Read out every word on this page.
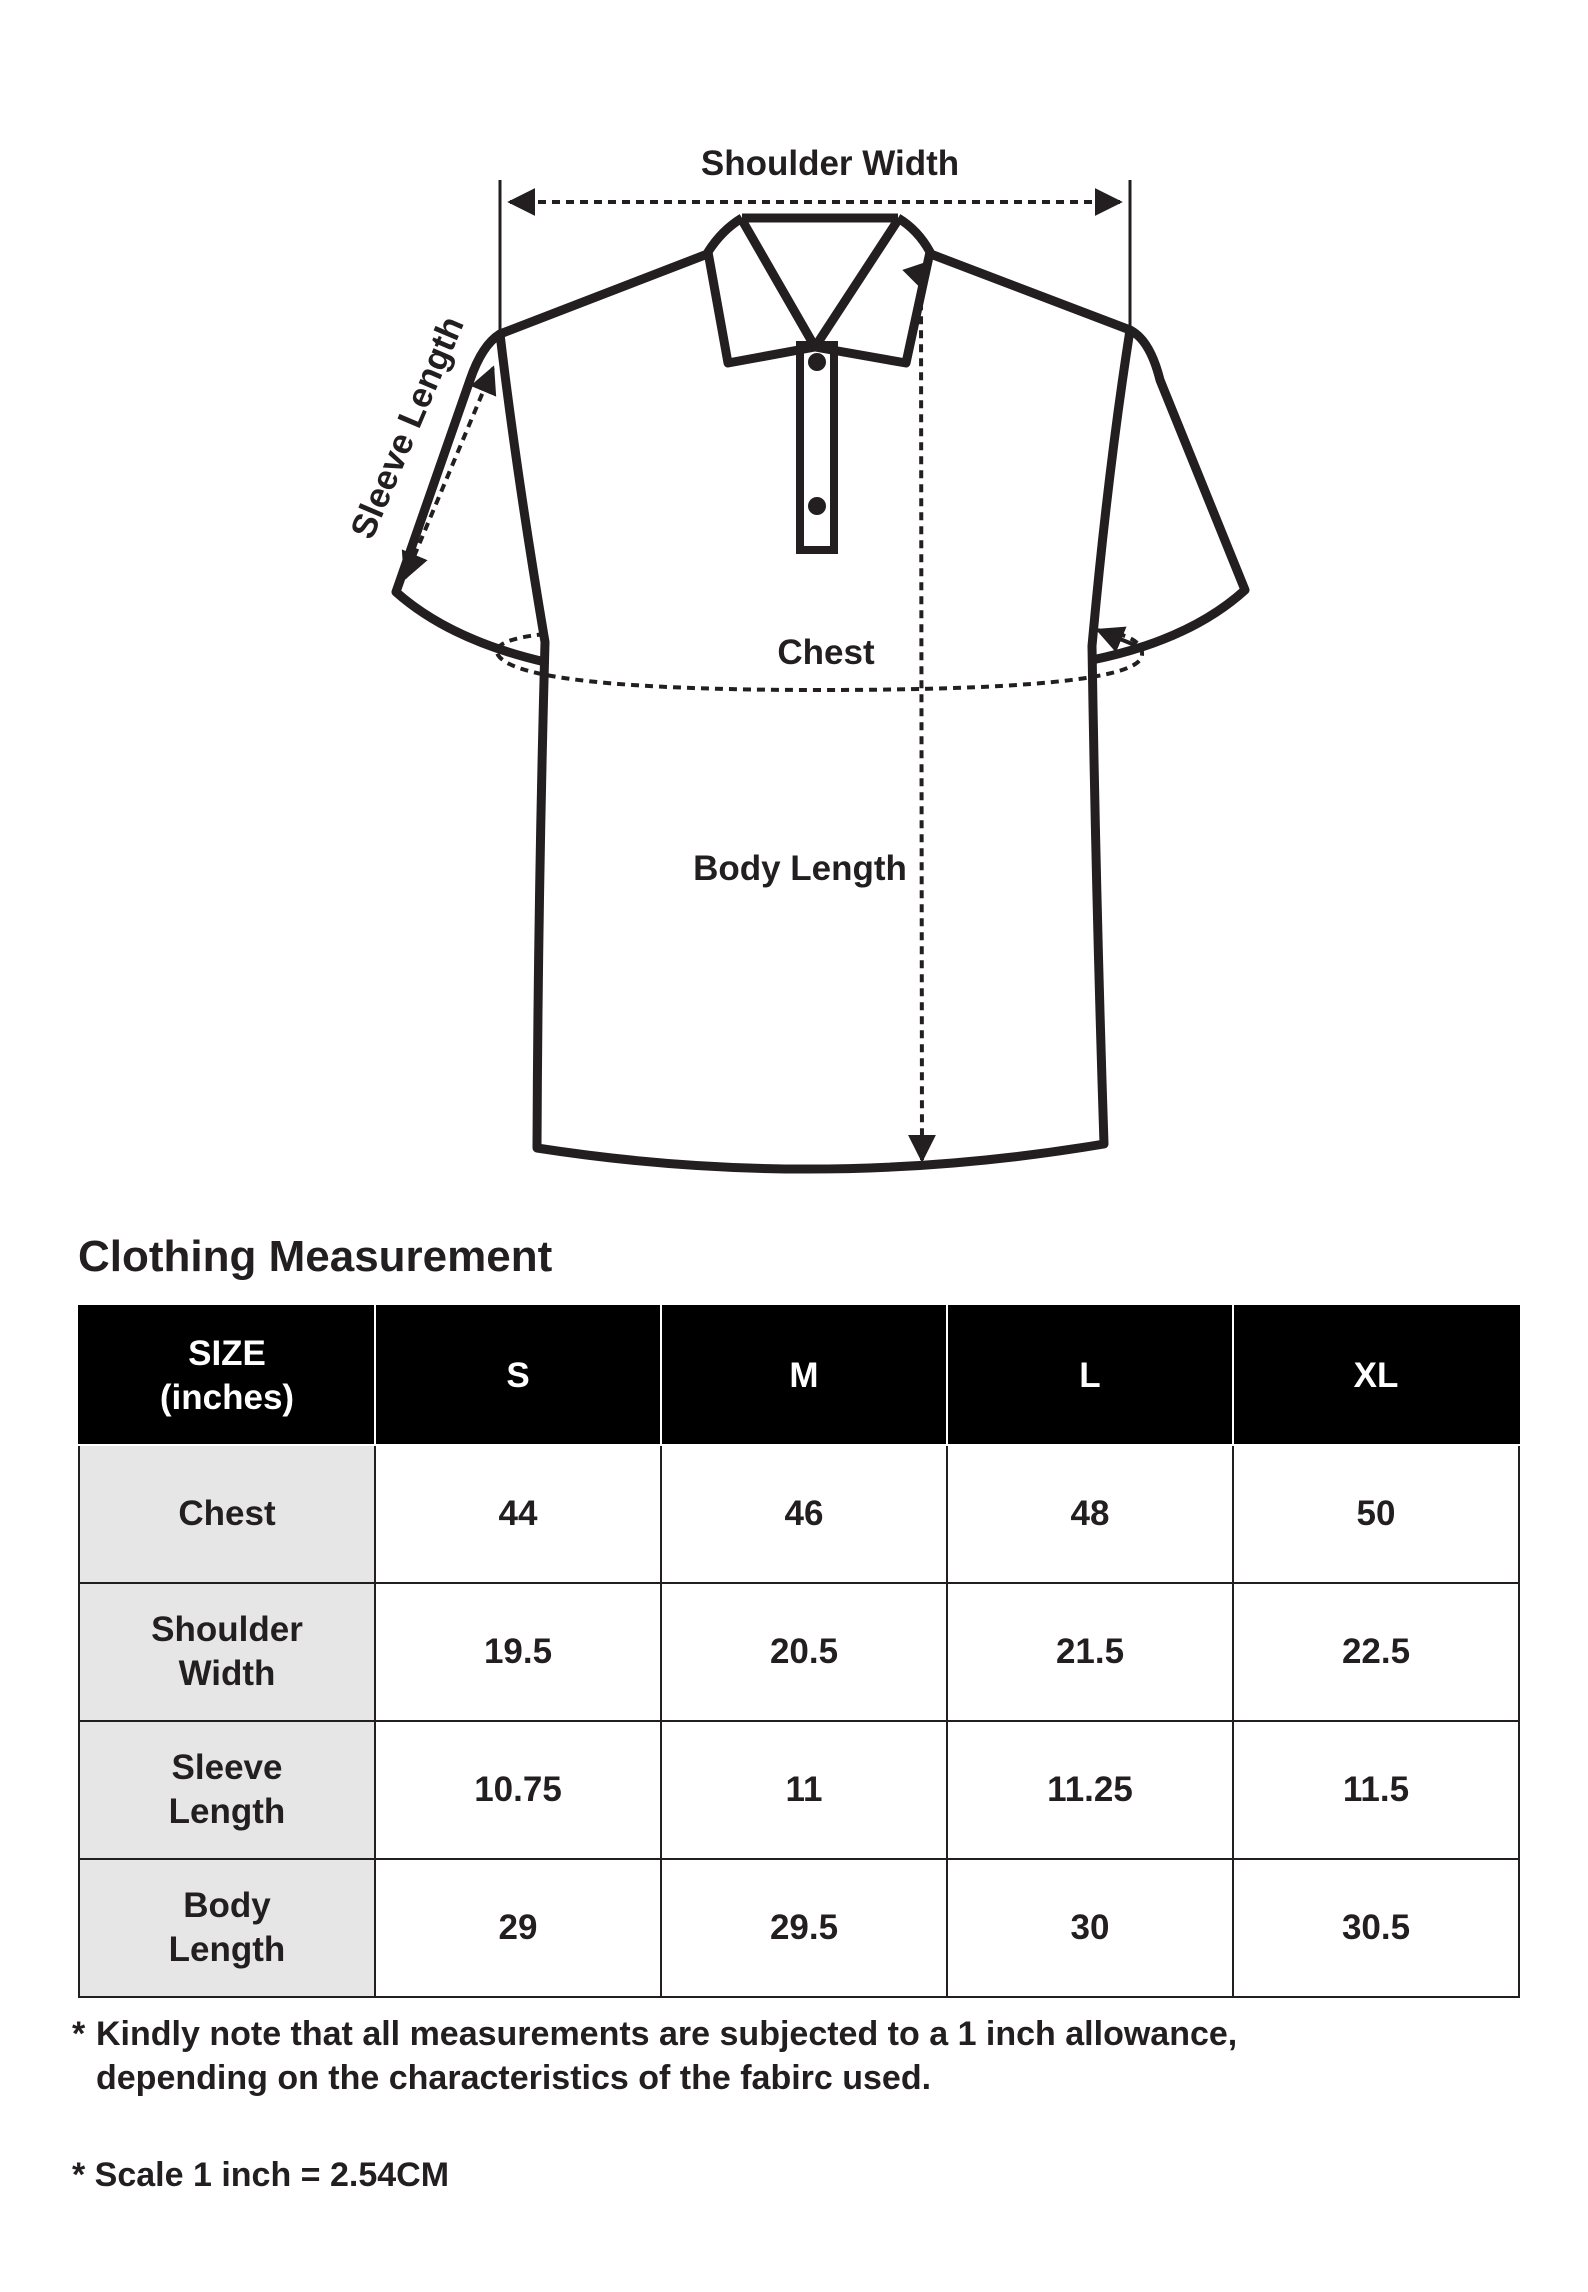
Shoulder Width
Sleeve Length
Chest
Body Length
Clothing Measurement
SIZE
(inches)	S	M	L	XL

Chest	44	46	48	50

Shoulder
Width	19.5	20.5	21.5	22.5

Sleeve
Length	10.75	11	11.25	11.5

Body
Length	29	29.5	30	30.5
* Kindly note that all measurements are subjected to a 1 inch allowance,
depending on the characteristics of the fabirc used.
* Scale 1 inch = 2.54CM
